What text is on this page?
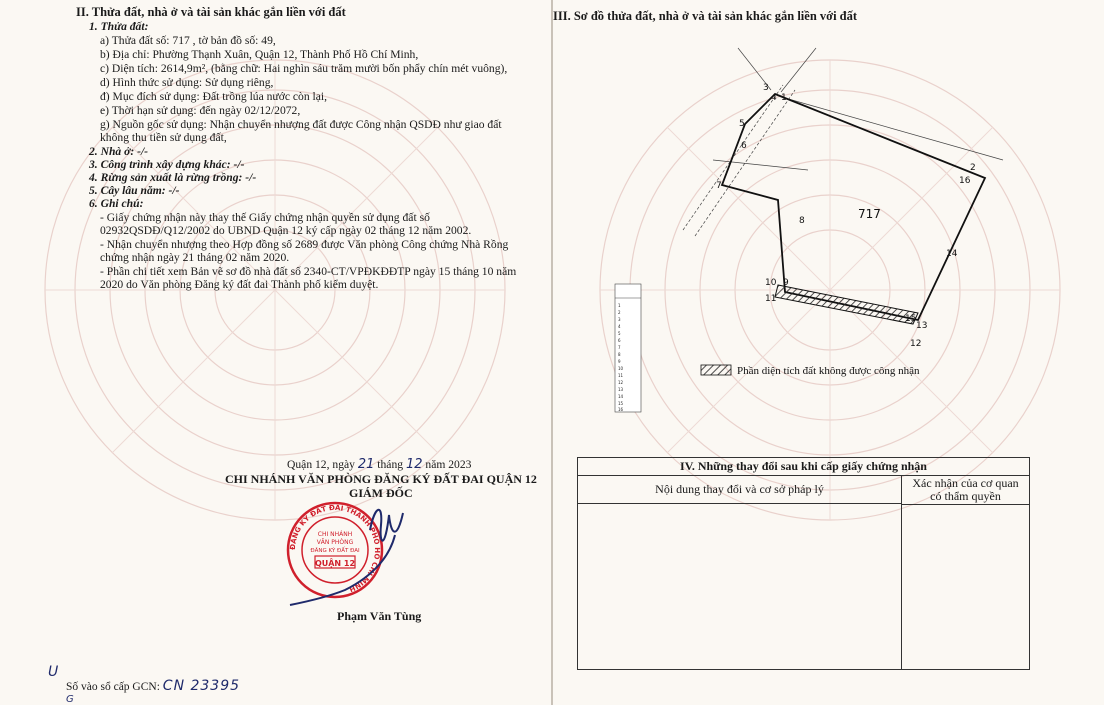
II. Thửa đất, nhà ở và tài sản khác gắn liền với đất
1. Thửa đất:
a) Thửa đất số: 717 , tờ bản đồ số: 49,
b) Địa chỉ: Phường Thạnh Xuân, Quận 12, Thành Phố Hồ Chí Minh,
c) Diện tích: 2614,9m², (bằng chữ: Hai nghìn sáu trăm mười bốn phẩy chín mét vuông),
d) Hình thức sử dụng: Sử dụng riêng,
đ) Mục đích sử dụng: Đất trồng lúa nước còn lại,
e) Thời hạn sử dụng: đến ngày 02/12/2072,
g) Nguồn gốc sử dụng: Nhận chuyển nhượng đất được Công nhận QSDĐ như giao đất
không thu tiền sử dụng đất,
2. Nhà ở: -/-
3. Công trình xây dựng khác: -/-
4. Rừng sản xuất là rừng trồng: -/-
5. Cây lâu năm: -/-
6. Ghi chú:
- Giấy chứng nhận này thay thế Giấy chứng nhận quyền sử dụng đất số
02932QSDĐ/Q12/2002 do UBND Quận 12 ký cấp ngày 02 tháng 12 năm 2002.
- Nhận chuyển nhượng theo Hợp đồng số 2689 được Văn phòng Công chứng Nhà Rồng
chứng nhận ngày 21 tháng 02 năm 2020.
- Phần chi tiết xem Bản vẽ sơ đồ nhà đất số 2340-CT/VPĐKĐĐTP ngày 15 tháng 10 năm
2020 do Văn phòng Đăng ký đất đai Thành phố kiểm duyệt.
Quận 12, ngày 21 tháng 12 năm 2023
CHI NHÁNH VĂN PHÒNG ĐĂNG KÝ ĐẤT ĐAI QUẬN 12
GIÁM ĐỐC
ĐĂNG KÝ ĐẤT ĐAI THÀNH PHỐ HỒ CHÍ MINH
CHI NHÁNH
VĂN PHÒNG
ĐĂNG KÝ ĐẤT ĐAI
QUẬN 12
Phạm Văn Tùng
U
Số vào sổ cấp GCN: CN 23395
G
III. Sơ đồ thửa đất, nhà ở và tài sản khác gắn liền với đất
3
4 1
5
6
7
8
2
16
14
10 9
11
15
13
12
717
1
2
3
4
5
6
7
8
9
10
11
12
13
14
15
16
Phần diện tích đất không được công nhận
IV. Những thay đổi sau khi cấp giấy chứng nhận
Nội dung thay đổi và cơ sở pháp lý	Xác nhận của cơ quan
có thẩm quyền
